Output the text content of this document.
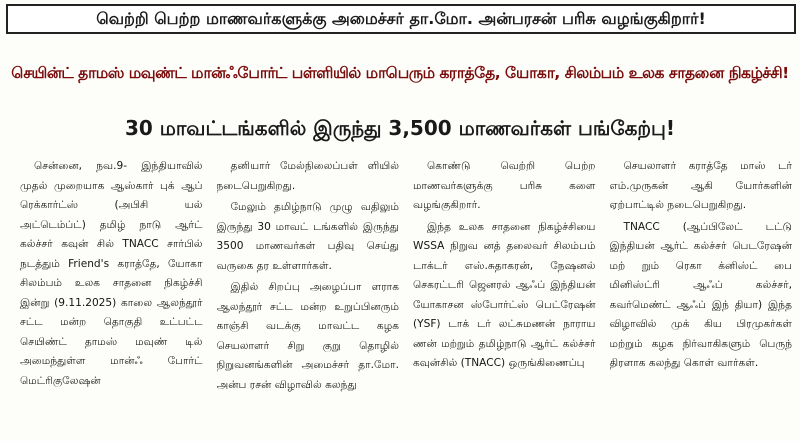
வெற்றி பெற்ற மாணவர்களுக்கு அமைச்சர் தா.மோ. அன்பரசன் பரிசு வழங்குகிறார்!
செயின்ட் தாமஸ் மவுண்ட் மான்ஃபோர்ட் பள்ளியில் மாபெரும் கராத்தே, யோகா, சிலம்பம் உலக சாதனை நிகழ்ச்சி!
30 மாவட்டங்களில் இருந்து 3,500 மாணவர்கள் பங்கேற்பு!

சென்னை, நவ.9- இந்தியாவில் முதல் முறையாக ஆஸ்கார் புக் ஆப் ரெக்கார்ட்ஸ் (அபிசி யல் அட்டெம்ப்ட்) தமிழ் நாடு ஆர்ட் கல்ச்சர் கவுன் சில் TNACC சார்பில் நடத்தும் Friend's கராத்தே, யோகா சிலம்பம் உலக சாதனை நிகழ்ச்சி இன்று (9.11.2025) காலை ஆலந்தூர் சட்ட மன்ற தொகுதி உட்பட்ட செயிண்ட் தாமஸ் மவுண் டில் அமைந்துள்ள மான்ஃ போர்ட் மெட்ரிகுலேஷன்

தனியார் மேல்நிலைப்பள் ளியில் நடைபெறுகிறது.

மேலும் தமிழ்நாடு முழு வதிலும் இருந்து 30 மாவட் டங்களில் இருந்து 3500 மாணவர்கள் பதிவு செய்து வருகை தர உள்ளார்கள்.

இதில் சிறப்பு அழைப்பா ளராக ஆலந்தூர் சட்ட மன்ற உறுப்பினரும் காஞ்சி வடக்கு மாவட்ட கழக செயலாளர் சிறு குறு தொழில் நிறுவனங்களின் அமைச்சர் தா.மோ. அன்ப ரசன் விழாவில் கலந்து

கொண்டு வெற்றி பெற்ற மாணவர்களுக்கு பரிசு களை வழங்குகிறார்.

இந்த உலக சாதனை நிகழ்ச்சியை WSSA நிறுவ னத் தலைவர் சிலம்பம் டாக்டர் எஸ்.சுதாகரன், நேஷனல் செகரட்டரி ஜெனரல் ஆஃப் இந்தியன் யோகாசன ஸ்போர்ட்ஸ் பெட்ரேஷன் (YSF) டாக் டர் லட்சுமணன் நாராய ணன் மற்றும் தமிழ்நாடு ஆர்ட் கல்ச்சர் கவுன்சில் (TNACC) ஒருங்கிணைப்பு

செயலாளர் கராத்தே மாஸ் டர் எம்.முருகன் ஆகி யோர்களின் ஏற்பாட்டில் நடைபெறுகிறது.

TNACC (ஆப்பிலேட் டட்டு இந்தியன் ஆர்ட் கல்ச்சர் பெடரேஷன் மற் றும் ரெகா க்னிஸ்ட் பை மினிஸ்ட்ரி ஆஃப் கல்ச்சர், கவர்மெண்ட் ஆஃப் இந் தியா) இந்த விழாவில் முக் கிய பிரமுகர்கள் மற்றும் கழக நிர்வாகிகளும் பெருந் திரளாக கலந்து கொள் வார்கள்.
